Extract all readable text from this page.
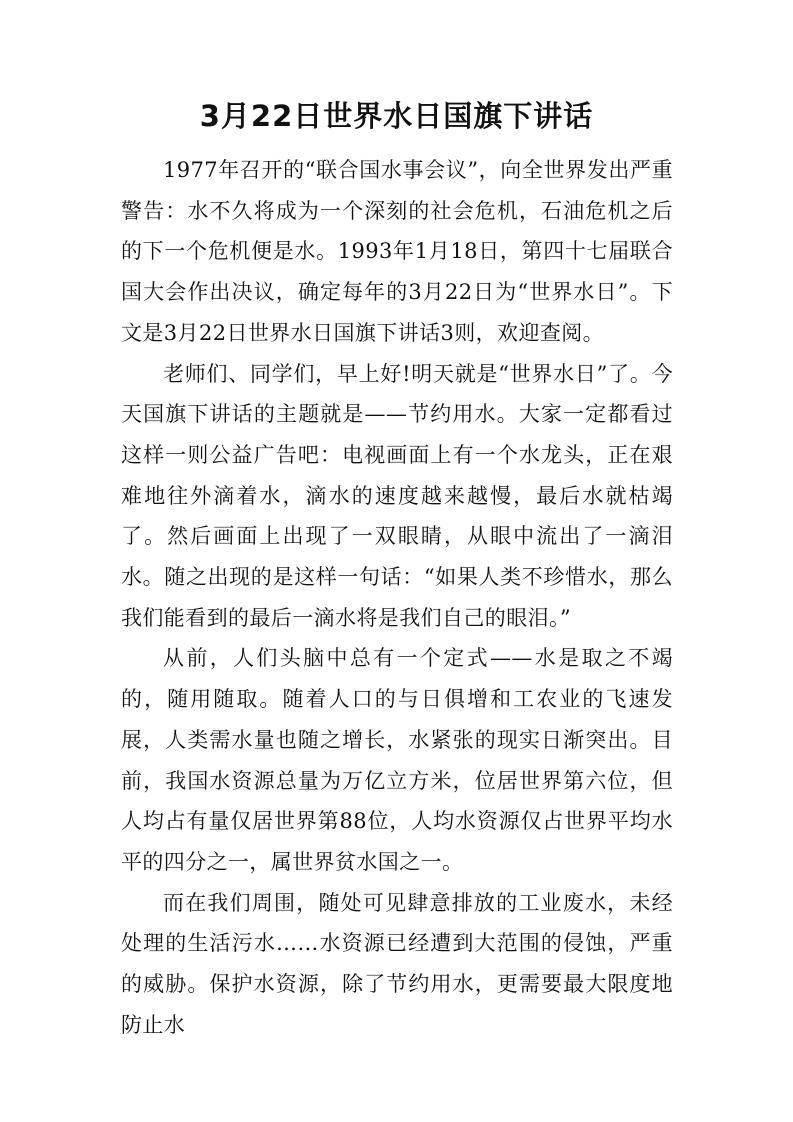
3月22日世界水日国旗下讲话

1977年召开的“联合国水事会议”，向全世界发出严重警告：水不久将成为一个深刻的社会危机，石油危机之后的下一个危机便是水。1993年1月18日，第四十七届联合国大会作出决议，确定每年的3月22日为“世界水日”。下文是3月22日世界水日国旗下讲话3则，欢迎查阅。

老师们、同学们，早上好!明天就是“世界水日”了。今天国旗下讲话的主题就是——节约用水。大家一定都看过这样一则公益广告吧：电视画面上有一个水龙头，正在艰难地往外滴着水，滴水的速度越来越慢，最后水就枯竭了。然后画面上出现了一双眼睛，从眼中流出了一滴泪水。随之出现的是这样一句话：“如果人类不珍惜水，那么我们能看到的最后一滴水将是我们自己的眼泪。”

从前，人们头脑中总有一个定式——水是取之不竭的，随用随取。随着人口的与日俱增和工农业的飞速发展，人类需水量也随之增长，水紧张的现实日渐突出。目前，我国水资源总量为万亿立方米，位居世界第六位，但人均占有量仅居世界第88位，人均水资源仅占世界平均水平的四分之一，属世界贫水国之一。

而在我们周围，随处可见肆意排放的工业废水，未经处理的生活污水……水资源已经遭到大范围的侵蚀，严重的威胁。保护水资源，除了节约用水，更需要最大限度地防止水
